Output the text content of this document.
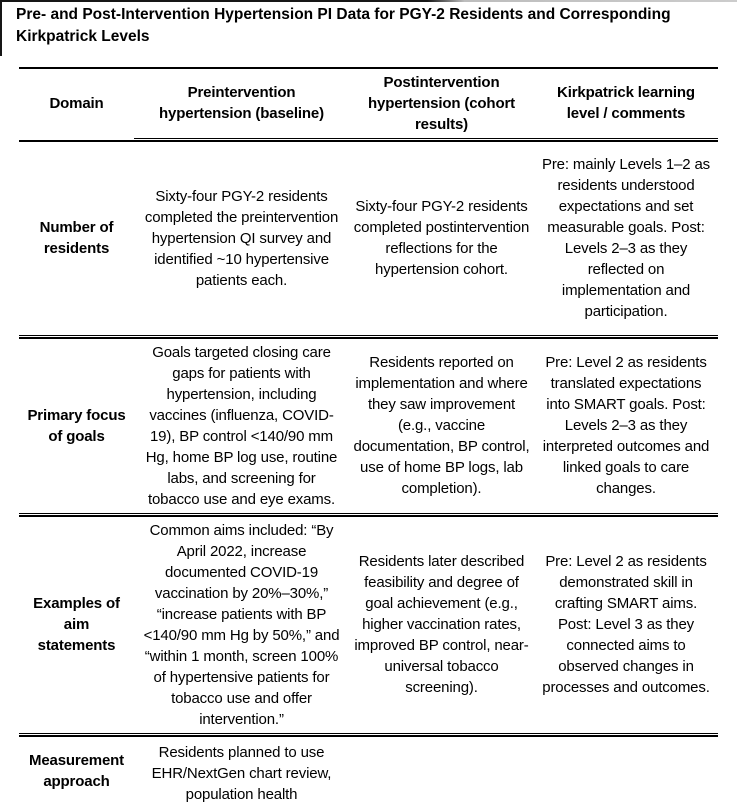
Pre- and Post-Intervention Hypertension PI Data for PGY-2 Residents and Corresponding
Kirkpatrick Levels
Domain
Preintervention hypertension (baseline)
Postintervention hypertension (cohort results)
Kirkpatrick learning level / comments
Number of residents
Sixty-four PGY-2 residents completed the preintervention hypertension QI survey and identified ~10 hypertensive patients each.
Sixty-four PGY-2 residents completed postintervention reflections for the hypertension cohort.
Pre: mainly Levels 1–2 as residents understood expectations and set measurable goals. Post: Levels 2–3 as they reflected on implementation and participation.
Primary focus of goals
Goals targeted closing care gaps for patients with hypertension, including vaccines (influenza, COVID-19), BP control <140/90 mm Hg, home BP log use, routine labs, and screening for tobacco use and eye exams.
Residents reported on implementation and where they saw improvement (e.g., vaccine documentation, BP control, use of home BP logs, lab completion).
Pre: Level 2 as residents translated expectations into SMART goals. Post: Levels 2–3 as they interpreted outcomes and linked goals to care changes.
Examples of aim statements
Common aims included: “By April 2022, increase documented COVID-19 vaccination by 20%–30%,” “increase patients with BP <140/90 mm Hg by 50%,” and “within 1 month, screen 100% of hypertensive patients for tobacco use and offer intervention.”
Residents later described feasibility and degree of goal achievement (e.g., higher vaccination rates, improved BP control, near-universal tobacco screening).
Pre: Level 2 as residents demonstrated skill in crafting SMART aims. Post: Level 3 as they connected aims to observed changes in processes and outcomes.
Measurement approach
Residents planned to use EHR/NextGen chart review, population health
